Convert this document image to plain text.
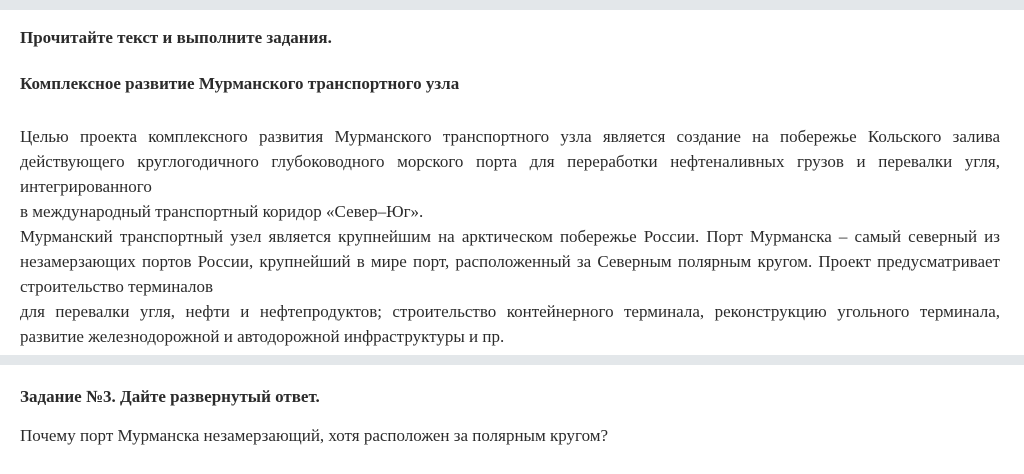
Прочитайте текст и выполните задания.

Комплексное развитие Мурманского транспортного узла

Целью проекта комплексного развития Мурманского транспортного узла является создание на побережье Кольского залива действующего круглогодичного глубоководного морского порта для переработки нефтеналивных грузов и перевалки угля, интегрированного
в международный транспортный коридор «Север–Юг».
Мурманский транспортный узел является крупнейшим на арктическом побережье России. Порт Мурманска – самый северный из незамерзающих портов России, крупнейший в мире порт, расположенный за Северным полярным кругом. Проект предусматривает строительство терминалов
для перевалки угля, нефти и нефтепродуктов; строительство контейнерного терминала, реконструкцию угольного терминала, развитие железнодорожной и автодорожной инфраструктуры и пр.

Задание №3. Дайте развернутый ответ.

Почему порт Мурманска незамерзающий, хотя расположен за полярным кругом?
